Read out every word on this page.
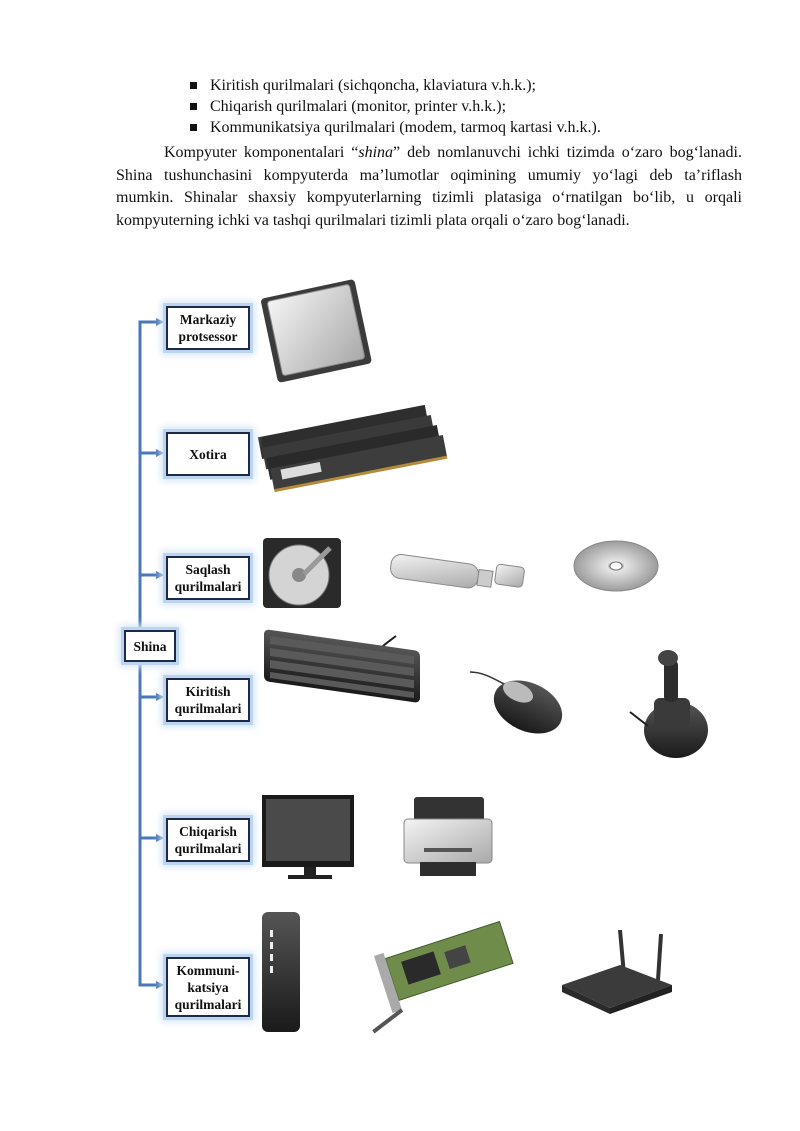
Kiritish qurilmalari (sichqoncha, klaviatura v.h.k.);
Chiqarish qurilmalari (monitor, printer v.h.k.);
Kommunikatsiya qurilmalari (modem, tarmoq kartasi v.h.k.).

Kompyuter komponentalari “shina” deb nomlanuvchi ichki tizimda o‘zaro bog‘lanadi. Shina tushunchasini kompyuterda ma’lumotlar oqimining umumiy yo‘lagi deb ta’riflash mumkin. Shinalar shaxsiy kompyuterlarning tizimli platasiga o‘rnatilgan bo‘lib, u orqali kompyuterning ichki va tashqi qurilmalari tizimli plata orqali o‘zaro bog‘lanadi.

Shina
Markaziy
protsessor
Xotira
Saqlash
qurilmalari
Kiritish
qurilmalari
Chiqarish
qurilmalari
Kommuni-
katsiya
qurilmalari
